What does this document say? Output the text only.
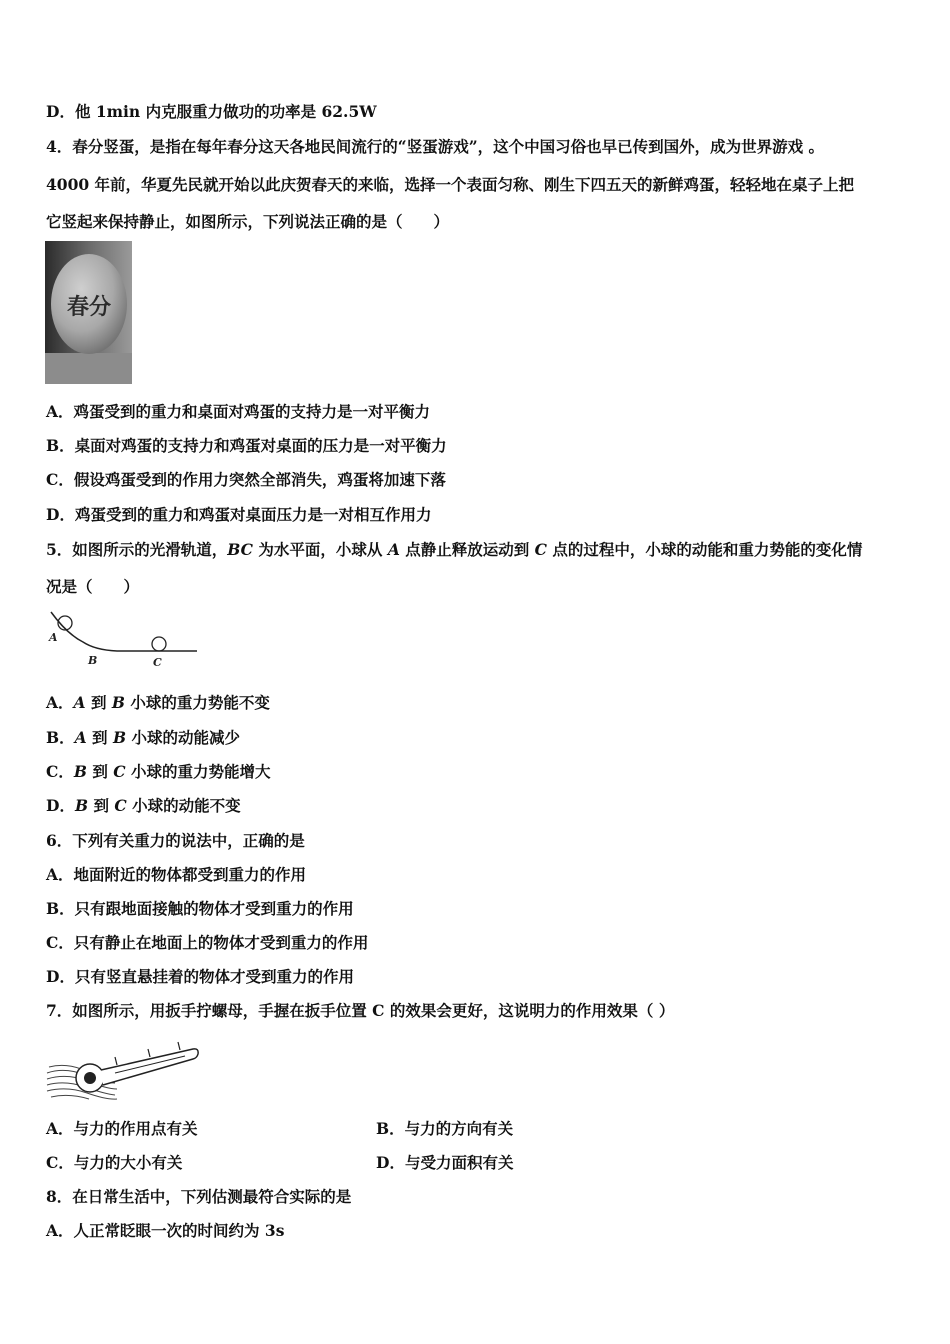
D．他 1min 内克服重力做功的功率是 62.5W
4．春分竖蛋，是指在每年春分这天各地民间流行的“竖蛋游戏”，这个中国习俗也早已传到国外，成为世界游戏 。
4000 年前，华夏先民就开始以此庆贺春天的来临，选择一个表面匀称、刚生下四五天的新鲜鸡蛋，轻轻地在桌子上把
它竖起来保持静止，如图所示，下列说法正确的是（　　）
春分
A．鸡蛋受到的重力和桌面对鸡蛋的支持力是一对平衡力
B．桌面对鸡蛋的支持力和鸡蛋对桌面的压力是一对平衡力
C．假设鸡蛋受到的作用力突然全部消失，鸡蛋将加速下落
D．鸡蛋受到的重力和鸡蛋对桌面压力是一对相互作用力
5．如图所示的光滑轨道，BC 为水平面，小球从 A 点静止释放运动到 C 点的过程中，小球的动能和重力势能的变化情
况是（　　）
A
B	C
A．A 到 B 小球的重力势能不变
B．A 到 B 小球的动能减少
C．B 到 C 小球的重力势能增大
D．B 到 C 小球的动能不变
6．下列有关重力的说法中，正确的是
A．地面附近的物体都受到重力的作用
B．只有跟地面接触的物体才受到重力的作用
C．只有静止在地面上的物体才受到重力的作用
D．只有竖直悬挂着的物体才受到重力的作用
7．如图所示，用扳手拧螺母，手握在扳手位置 C 的效果会更好，这说明力的作用效果（ ）
A．与力的作用点有关	B．与力的方向有关
C．与力的大小有关	D．与受力面积有关
8．在日常生活中，下列估测最符合实际的是
A．人正常眨眼一次的时间约为 3s
